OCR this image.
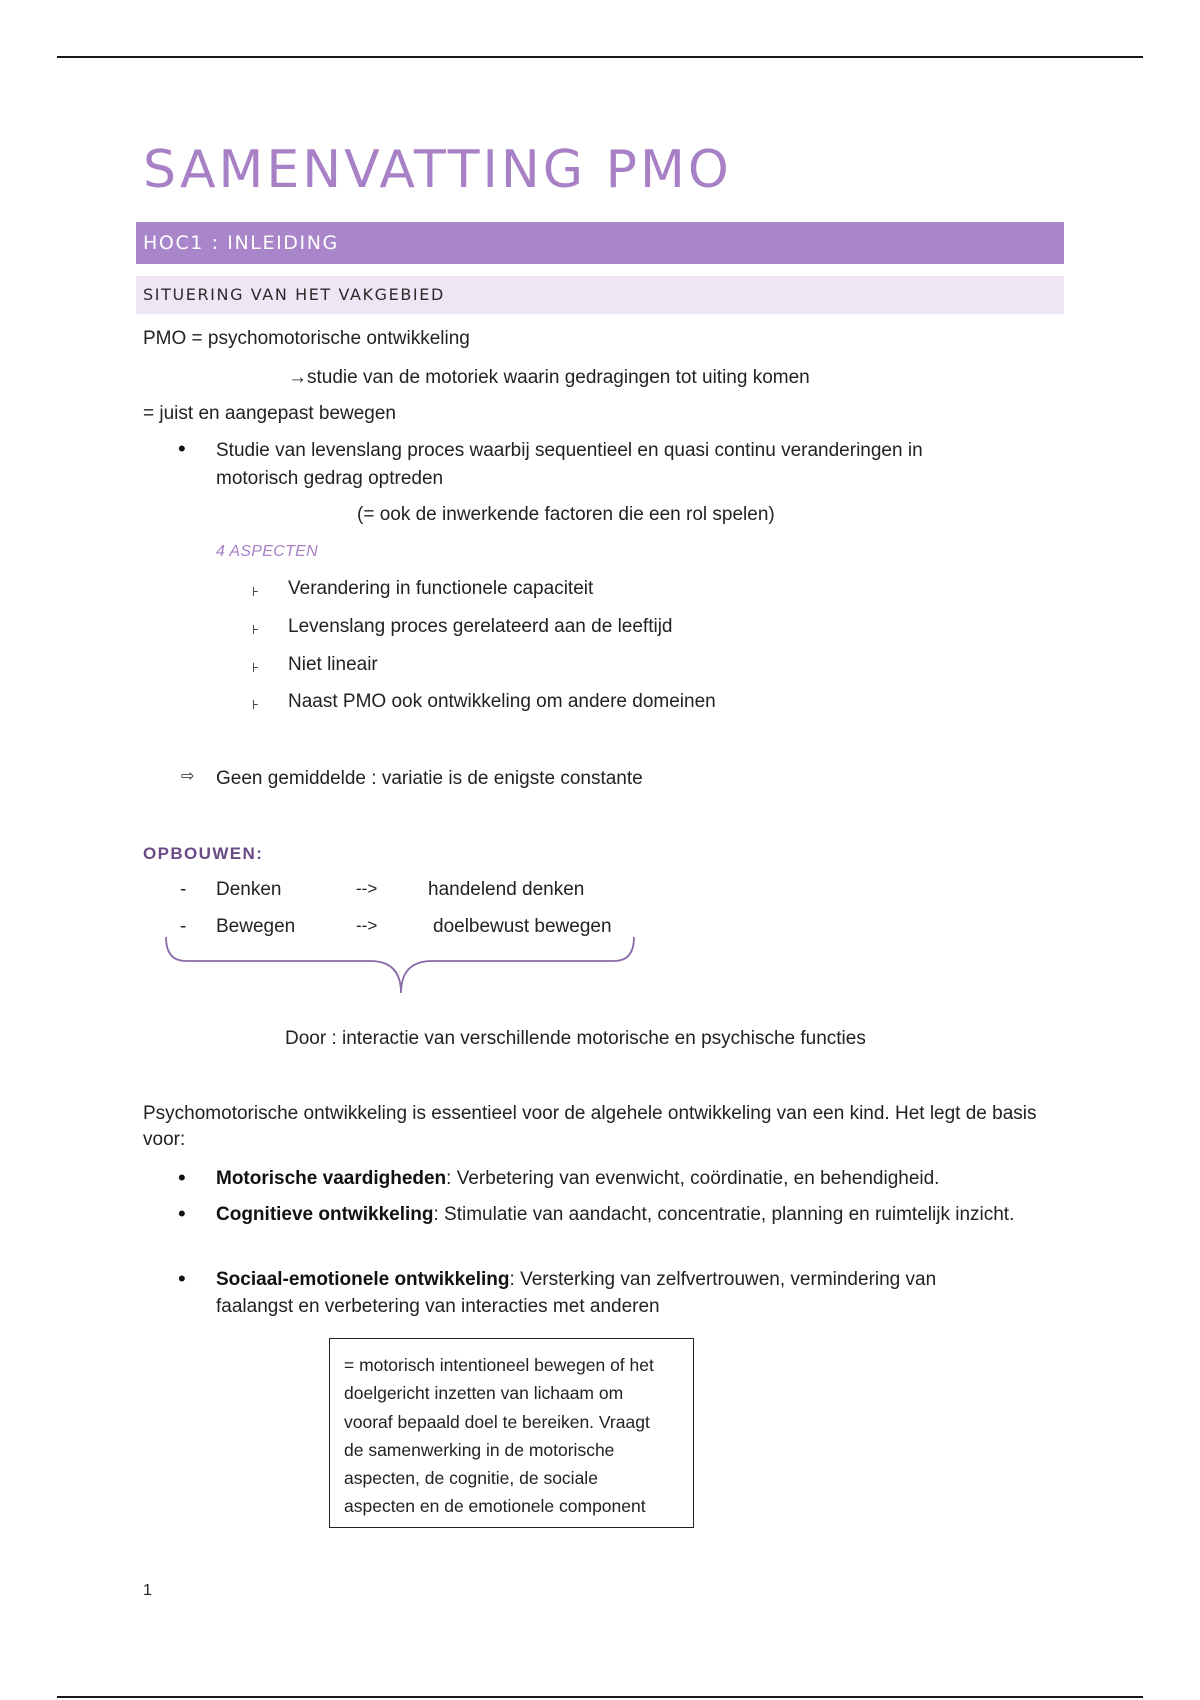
SAMENVATTING PMO
HOC1 : INLEIDING
SITUERING VAN HET VAKGEBIED
PMO = psychomotorische ontwikkeling
→studie van de motoriek waarin gedragingen tot uiting komen
= juist en aangepast bewegen
• Studie van levenslang proces waarbij sequentieel en quasi continu veranderingen in
motorisch gedrag optreden
(= ook de inwerkende factoren die een rol spelen)
4 ASPECTEN
⊦ Verandering in functionele capaciteit
⊦ Levenslang proces gerelateerd aan de leeftijd
⊦ Niet lineair
⊦ Naast PMO ook ontwikkeling om andere domeinen
⇨ Geen gemiddelde : variatie is de enigste constante
OPBOUWEN:
- Denken	-->	handelend denken
- Bewegen	-->	doelbewust bewegen
Door : interactie van verschillende motorische en psychische functies
Psychomotorische ontwikkeling is essentieel voor de algehele ontwikkeling van een kind. Het legt de basis voor:
• Motorische vaardigheden: Verbetering van evenwicht, coördinatie, en behendigheid.
• Cognitieve ontwikkeling: Stimulatie van aandacht, concentratie, planning en ruimtelijk inzicht.
• Sociaal-emotionele ontwikkeling: Versterking van zelfvertrouwen, vermindering van faalangst en verbetering van interacties met anderen
= motorisch intentioneel bewegen of het
doelgericht inzetten van lichaam om
vooraf bepaald doel te bereiken. Vraagt
de samenwerking in de motorische
aspecten, de cognitie, de sociale
aspecten en de emotionele component
1
